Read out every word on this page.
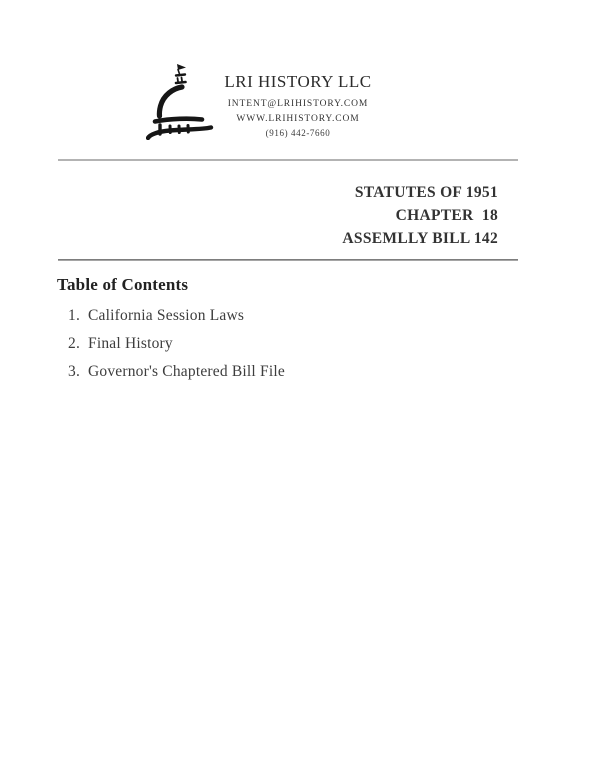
LRI HISTORY LLC
INTENT@LRIHISTORY.COM
WWW.LRIHISTORY.COM
(916) 442-7660
STATUTES OF 1951
CHAPTER  18
ASSEMLLY BILL 142
Table of Contents
1. California Session Laws
2. Final History
3. Governor's Chaptered Bill File
